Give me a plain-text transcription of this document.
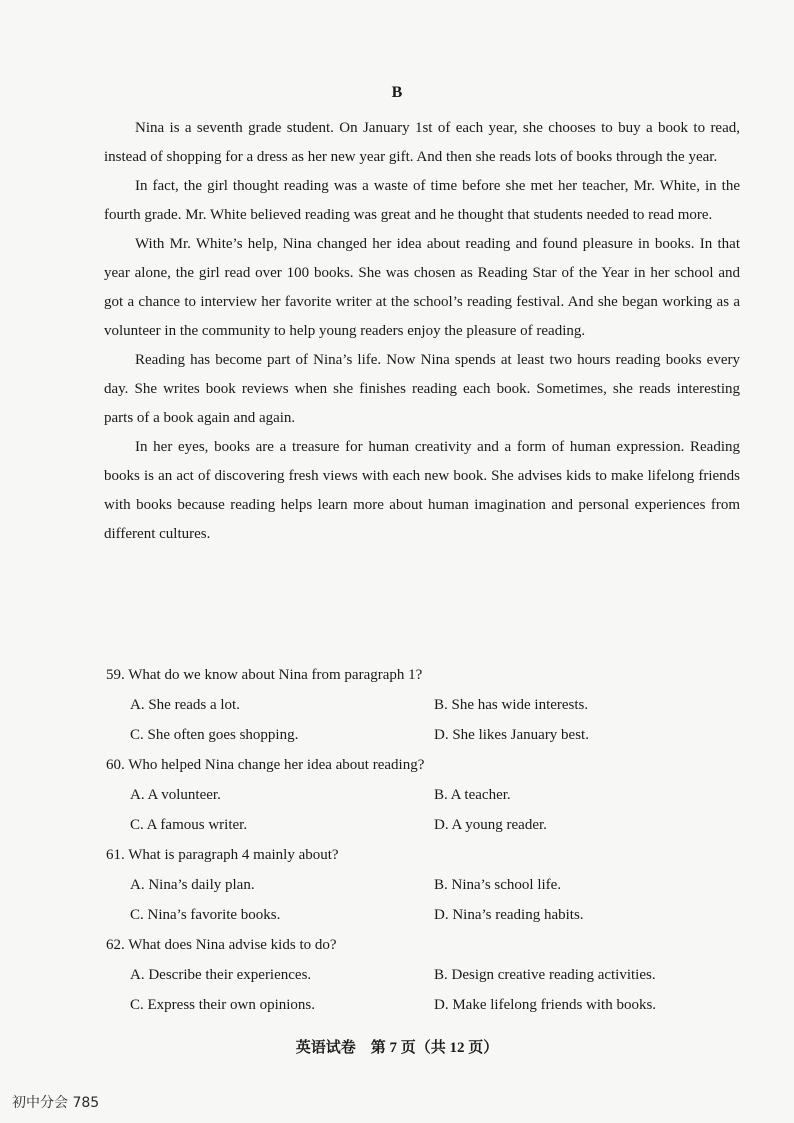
B

Nina is a seventh grade student. On January 1st of each year, she chooses to buy a book to read, instead of shopping for a dress as her new year gift. And then she reads lots of books through the year.

In fact, the girl thought reading was a waste of time before she met her teacher, Mr. White, in the fourth grade. Mr. White believed reading was great and he thought that students needed to read more.

With Mr. White’s help, Nina changed her idea about reading and found pleasure in books. In that year alone, the girl read over 100 books. She was chosen as Reading Star of the Year in her school and got a chance to interview her favorite writer at the school’s reading festival. And she began working as a volunteer in the community to help young readers enjoy the pleasure of reading.

Reading has become part of Nina’s life. Now Nina spends at least two hours reading books every day. She writes book reviews when she finishes reading each book. Sometimes, she reads interesting parts of a book again and again.

In her eyes, books are a treasure for human creativity and a form of human expression. Reading books is an act of discovering fresh views with each new book. She advises kids to make lifelong friends with books because reading helps learn more about human imagination and personal experiences from different cultures.

59. What do we know about Nina from paragraph 1?
A. She reads a lot.	B. She has wide interests.
C. She often goes shopping.	D. She likes January best.
60. Who helped Nina change her idea about reading?
A. A volunteer.	B. A teacher.
C. A famous writer.	D. A young reader.
61. What is paragraph 4 mainly about?
A. Nina’s daily plan.	B. Nina’s school life.
C. Nina’s favorite books.	D. Nina’s reading habits.
62. What does Nina advise kids to do?
A. Describe their experiences.	B. Design creative reading activities.
C. Express their own opinions.	D. Make lifelong friends with books.
英语试卷　第 7 页（共 12 页）
初中分会 785
